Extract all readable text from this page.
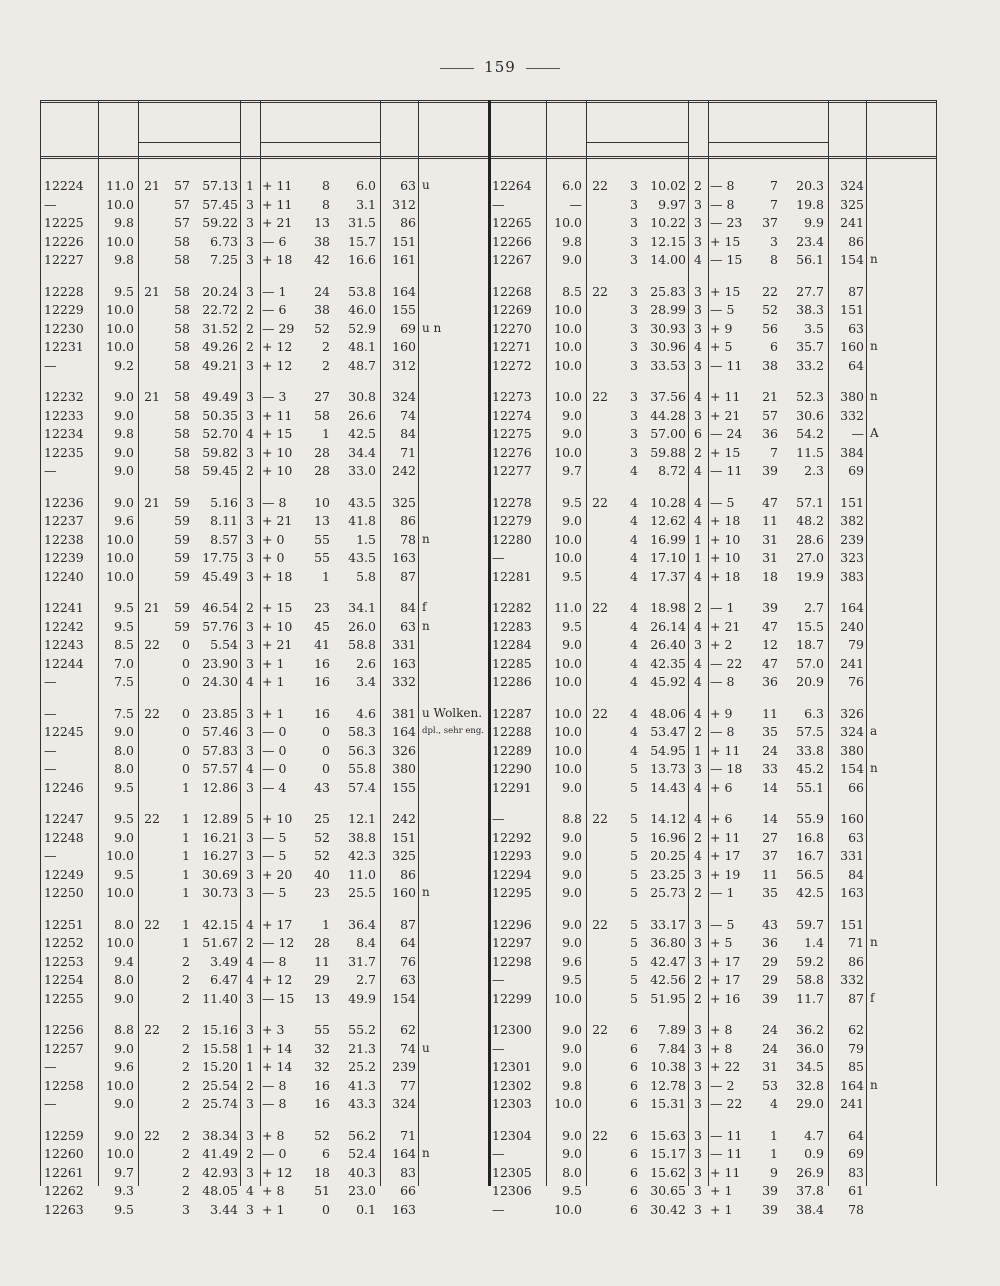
159
12224	11.0 21	57 57.13 1 + 11	8	6.0	63 u
—	10.0	57 57.45 3 + 11	8	3.1	312
12225	9.8	57 59.22 3 + 21	13	31.5	86
12226	10.0	58	6.73 3 — 6	38	15.7	151
12227	9.8	58	7.25 3 + 18	42	16.6	161
12228	9.5 21	58 20.24 3 — 1	24	53.8	164
12229	10.0	58 22.72 2 — 6	38	46.0	155
12230	10.0	58 31.52 2 — 29	52	52.9	69 u n
12231	10.0	58 49.26 2 + 12	2	48.1	160
—	9.2	58 49.21 3 + 12	2	48.7	312
12232	9.0 21	58 49.49 3 — 3	27	30.8	324
12233	9.0	58 50.35 3 + 11	58	26.6	74
12234	9.8	58 52.70 4 + 15	1	42.5	84
12235	9.0	58 59.82 3 + 10	28	34.4	71
—	9.0	58 59.45 2 + 10	28	33.0	242
12236	9.0 21	59	5.16 3 — 8	10	43.5	325
12237	9.6	59	8.11 3 + 21	13	41.8	86
12238	10.0	59	8.57 3 + 0	55	1.5	78 n
12239	10.0	59 17.75 3 + 0	55	43.5	163
12240	10.0	59 45.49 3 + 18	1	5.8	87
12241	9.5 21	59 46.54 2 + 15	23	34.1	84 f
12242	9.5	59 57.76 3 + 10	45	26.0	63 n
12243	8.5 22	0	5.54 3 + 21	41	58.8	331
12244	7.0	0 23.90 3 + 1	16	2.6	163
—	7.5	0 24.30 4 + 1	16	3.4	332
—	7.5 22	0 23.85 3 + 1	16	4.6	381 u Wolken.
12245	9.0	0 57.46 3 — 0	0	58.3	164 dpl., sehr eng.
—	8.0	0 57.83 3 — 0	0	56.3	326
—	8.0	0 57.57 4 — 0	0	55.8	380
12246	9.5	1 12.86 3 — 4	43	57.4	155
12247	9.5 22	1 12.89 5 + 10	25	12.1	242
12248	9.0	1 16.21 3 — 5	52	38.8	151
—	10.0	1 16.27 3 — 5	52	42.3	325
12249	9.5	1 30.69 3 + 20	40	11.0	86
12250	10.0	1 30.73 3 — 5	23	25.5	160 n
12251	8.0 22	1 42.15 4 + 17	1	36.4	87
12252	10.0	1 51.67 2 — 12	28	8.4	64
12253	9.4	2	3.49 4 — 8	11	31.7	76
12254	8.0	2	6.47 4 + 12	29	2.7	63
12255	9.0	2 11.40 3 — 15	13	49.9	154
12256	8.8 22	2 15.16 3 + 3	55	55.2	62
12257	9.0	2 15.58 1 + 14	32	21.3	74 u
—	9.6	2 15.20 1 + 14	32	25.2	239
12258	10.0	2 25.54 2 — 8	16	41.3	77
—	9.0	2 25.74 3 — 8	16	43.3	324
12259	9.0 22	2 38.34 3 + 8	52	56.2	71
12260	10.0	2 41.49 2 — 0	6	52.4	164 n
12261	9.7	2 42.93 3 + 12	18	40.3	83
12262	9.3	2 48.05 4 + 8	51	23.0	66
12263	9.5	3	3.44 3 + 1	0	0.1	163
12264	6.0 22	3 10.02 2 — 8	7	20.3	324
—	—	3	9.97 3 — 8	7	19.8	325
12265	10.0	3 10.22 3 — 23	37	9.9	241
12266	9.8	3 12.15 3 + 15	3	23.4	86
12267	9.0	3 14.00 4 — 15	8	56.1	154 n
12268	8.5 22	3 25.83 3 + 15	22	27.7	87
12269	10.0	3 28.99 3 — 5	52	38.3	151
12270	10.0	3 30.93 3 + 9	56	3.5	63
12271	10.0	3 30.96 4 + 5	6	35.7	160 n
12272	10.0	3 33.53 3 — 11	38	33.2	64
12273	10.0 22	3 37.56 4 + 11	21	52.3	380 n
12274	9.0	3 44.28 3 + 21	57	30.6	332
12275	9.0	3 57.00 6 — 24	36	54.2	— A
12276	10.0	3 59.88 2 + 15	7	11.5	384
12277	9.7	4	8.72 4 — 11	39	2.3	69
12278	9.5 22	4 10.28 4 — 5	47	57.1	151
12279	9.0	4 12.62 4 + 18	11	48.2	382
12280	10.0	4 16.99 1 + 10	31	28.6	239
—	10.0	4 17.10 1 + 10	31	27.0	323
12281	9.5	4 17.37 4 + 18	18	19.9	383
12282	11.0 22	4 18.98 2 — 1	39	2.7	164
12283	9.5	4 26.14 4 + 21	47	15.5	240
12284	9.0	4 26.40 3 + 2	12	18.7	79
12285	10.0	4 42.35 4 — 22	47	57.0	241
12286	10.0	4 45.92 4 — 8	36	20.9	76
12287	10.0 22	4 48.06 4 + 9	11	6.3	326
12288	10.0	4 53.47 2 — 8	35	57.5	324 a
12289	10.0	4 54.95 1 + 11	24	33.8	380
12290	10.0	5 13.73 3 — 18	33	45.2	154 n
12291	9.0	5 14.43 4 + 6	14	55.1	66
—	8.8 22	5 14.12 4 + 6	14	55.9	160
12292	9.0	5 16.96 2 + 11	27	16.8	63
12293	9.0	5 20.25 4 + 17	37	16.7	331
12294	9.0	5 23.25 3 + 19	11	56.5	84
12295	9.0	5 25.73 2 — 1	35	42.5	163
12296	9.0 22	5 33.17 3 — 5	43	59.7	151
12297	9.0	5 36.80 3 + 5	36	1.4	71 n
12298	9.6	5 42.47 3 + 17	29	59.2	86
—	9.5	5 42.56 2 + 17	29	58.8	332
12299	10.0	5 51.95 2 + 16	39	11.7	87 f
12300	9.0 22	6	7.89 3 + 8	24	36.2	62
—	9.0	6	7.84 3 + 8	24	36.0	79
12301	9.0	6 10.38 3 + 22	31	34.5	85
12302	9.8	6 12.78 3 — 2	53	32.8	164 n
12303	10.0	6 15.31 3 — 22	4	29.0	241
12304	9.0 22	6 15.63 3 — 11	1	4.7	64
—	9.0	6 15.17 3 — 11	1	0.9	69
12305	8.0	6 15.62 3 + 11	9	26.9	83
12306	9.5	6 30.65 3 + 1	39	37.8	61
—	10.0	6 30.42 3 + 1	39	38.4	78
